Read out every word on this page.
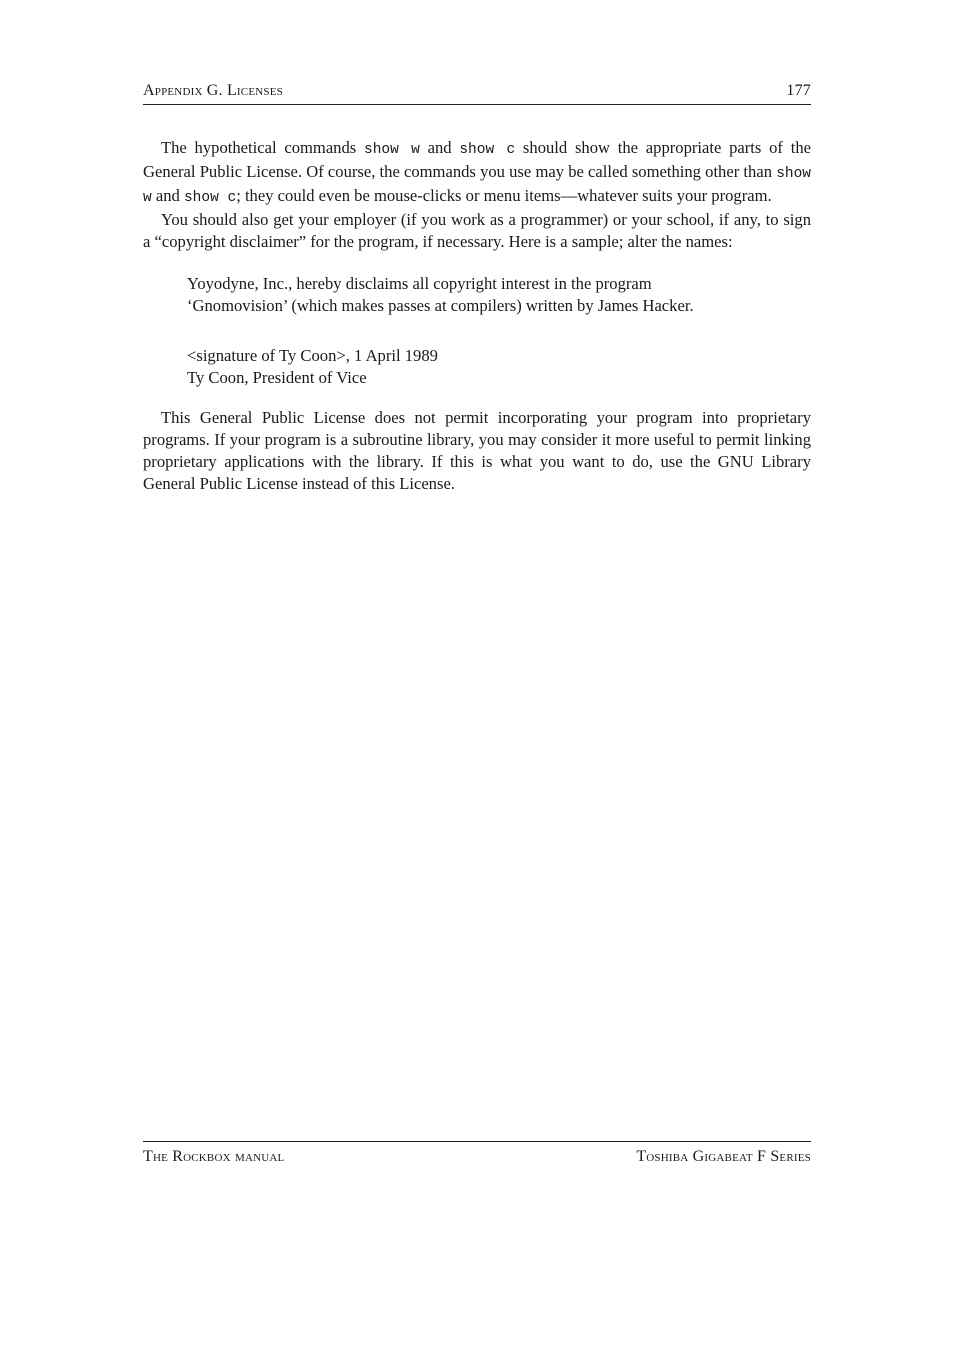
Appendix G. Licenses	177

The hypothetical commands show w and show c should show the appropriate parts of the General Public License. Of course, the commands you use may be called something other than show w and show c; they could even be mouse-clicks or menu items—whatever suits your program.

You should also get your employer (if you work as a programmer) or your school, if any, to sign a “copyright disclaimer” for the program, if necessary. Here is a sample; alter the names:

Yoyodyne, Inc., hereby disclaims all copyright interest in the program
‘Gnomovision’ (which makes passes at compilers) written by James Hacker.
<signature of Ty Coon>, 1 April 1989
Ty Coon, President of Vice

This General Public License does not permit incorporating your program into proprietary programs. If your program is a subroutine library, you may consider it more useful to permit linking proprietary applications with the library. If this is what you want to do, use the GNU Library General Public License instead of this License.

The Rockbox manual	Toshiba Gigabeat F Series
